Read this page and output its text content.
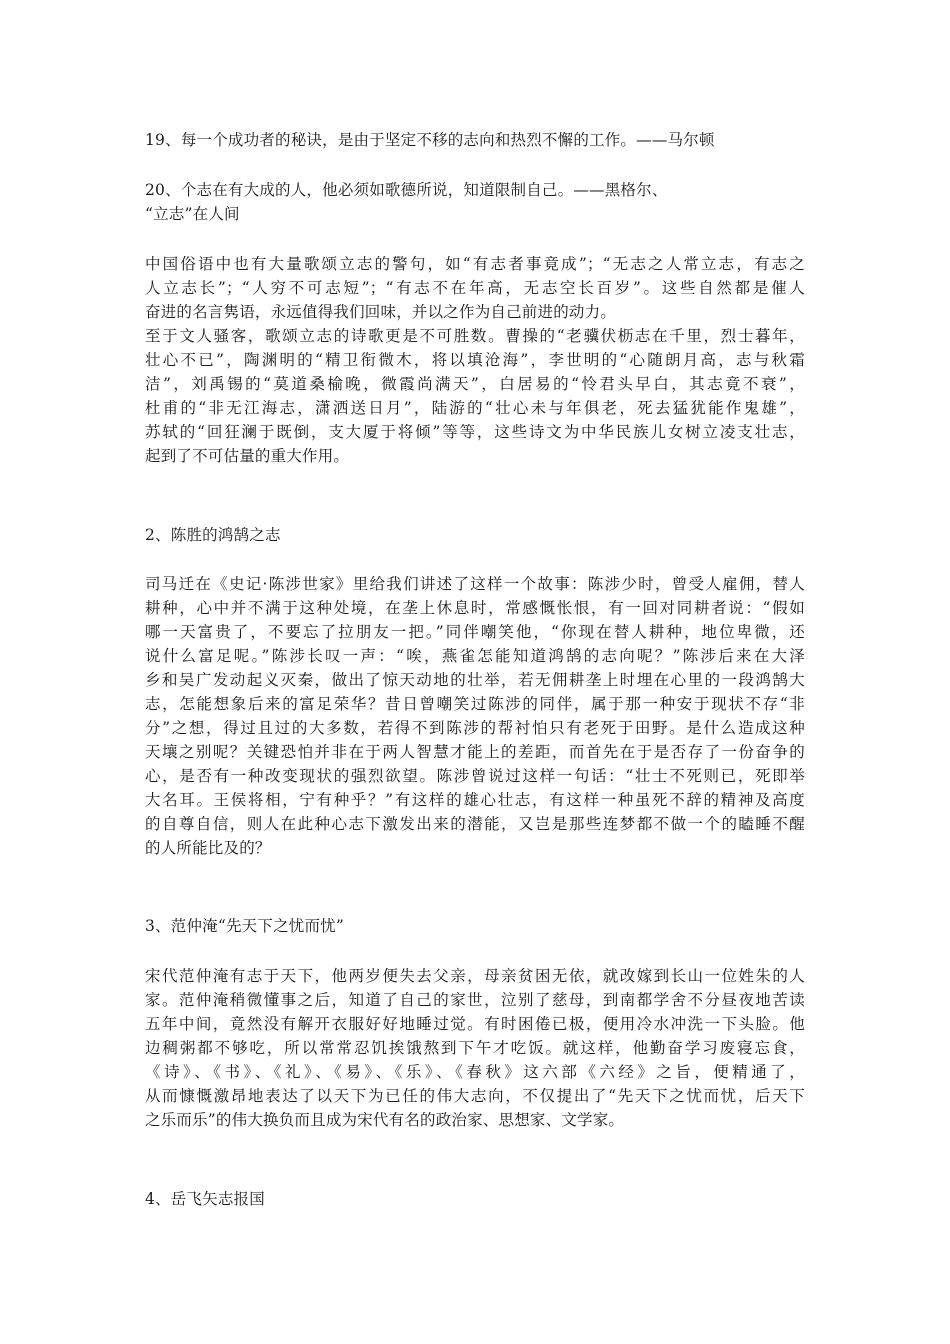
19、每一个成功者的秘诀，是由于坚定不移的志向和热烈不懈的工作。——马尔顿
20、个志在有大成的人，他必须如歌德所说，知道限制自己。——黑格尔、
“立志”在人间
中国俗语中也有大量歌颂立志的警句，如“有志者事竟成”；“无志之人常立志，有志之
人立志长”；“人穷不可志短”；“有志不在年高，无志空长百岁”。这些自然都是催人
奋进的名言隽语，永远值得我们回味，并以之作为自己前进的动力。
至于文人骚客，歌颂立志的诗歌更是不可胜数。曹操的“老骥伏枥志在千里，烈士暮年，
壮心不已”，陶渊明的“精卫衔微木，将以填沧海”，李世明的“心随朗月高，志与秋霜
洁”，刘禹锡的“莫道桑榆晚，微霞尚满天”，白居易的“怜君头早白，其志竟不衰”，
杜甫的“非无江海志，潇洒送日月”，陆游的“壮心未与年俱老，死去猛犹能作鬼雄”，
苏轼的“回狂澜于既倒，支大厦于将倾”等等，这些诗文为中华民族儿女树立凌支壮志，
起到了不可估量的重大作用。
2、陈胜的鸿鹄之志
司马迁在《史记·陈涉世家》里给我们讲述了这样一个故事：陈涉少时，曾受人雇佣，替人
耕种，心中并不满于这种处境，在垄上休息时，常感慨怅恨，有一回对同耕者说：“假如
哪一天富贵了，不要忘了拉朋友一把。”同伴嘲笑他，“你现在替人耕种，地位卑微，还
说什么富足呢。”陈涉长叹一声：“唉，燕雀怎能知道鸿鹄的志向呢？”陈涉后来在大泽
乡和吴广发动起义灭秦，做出了惊天动地的壮举，若无佣耕垄上时埋在心里的一段鸿鹄大
志，怎能想象后来的富足荣华？昔日曾嘲笑过陈涉的同伴，属于那一种安于现状不存“非
分”之想，得过且过的大多数，若得不到陈涉的帮衬怕只有老死于田野。是什么造成这种
天壤之别呢？关键恐怕并非在于两人智慧才能上的差距，而首先在于是否存了一份奋争的
心，是否有一种改变现状的强烈欲望。陈涉曾说过这样一句话：“壮士不死则已，死即举
大名耳。王侯将相，宁有种乎？”有这样的雄心壮志，有这样一种虽死不辞的精神及高度
的自尊自信，则人在此种心志下激发出来的潜能，又岂是那些连梦都不做一个的瞌睡不醒
的人所能比及的？
3、范仲淹“先天下之忧而忧”
宋代范仲淹有志于天下，他两岁便失去父亲，母亲贫困无依，就改嫁到长山一位姓朱的人
家。范仲淹稍微懂事之后，知道了自己的家世，泣别了慈母，到南都学舍不分昼夜地苦读
五年中间，竟然没有解开衣服好好地睡过觉。有时困倦已极，便用冷水冲洗一下头脸。他
边稠粥都不够吃，所以常常忍饥挨饿熬到下午才吃饭。就这样，他勤奋学习废寝忘食，
《诗》、《书》、《礼》、《易》、《乐》、《春秋》这六部《六经》之旨，便精通了，
从而慷慨激昂地表达了以天下为已任的伟大志向，不仅提出了“先天下之忧而忧，后天下
之乐而乐”的伟大换负而且成为宋代有名的政治家、思想家、文学家。
4、岳飞矢志报国
